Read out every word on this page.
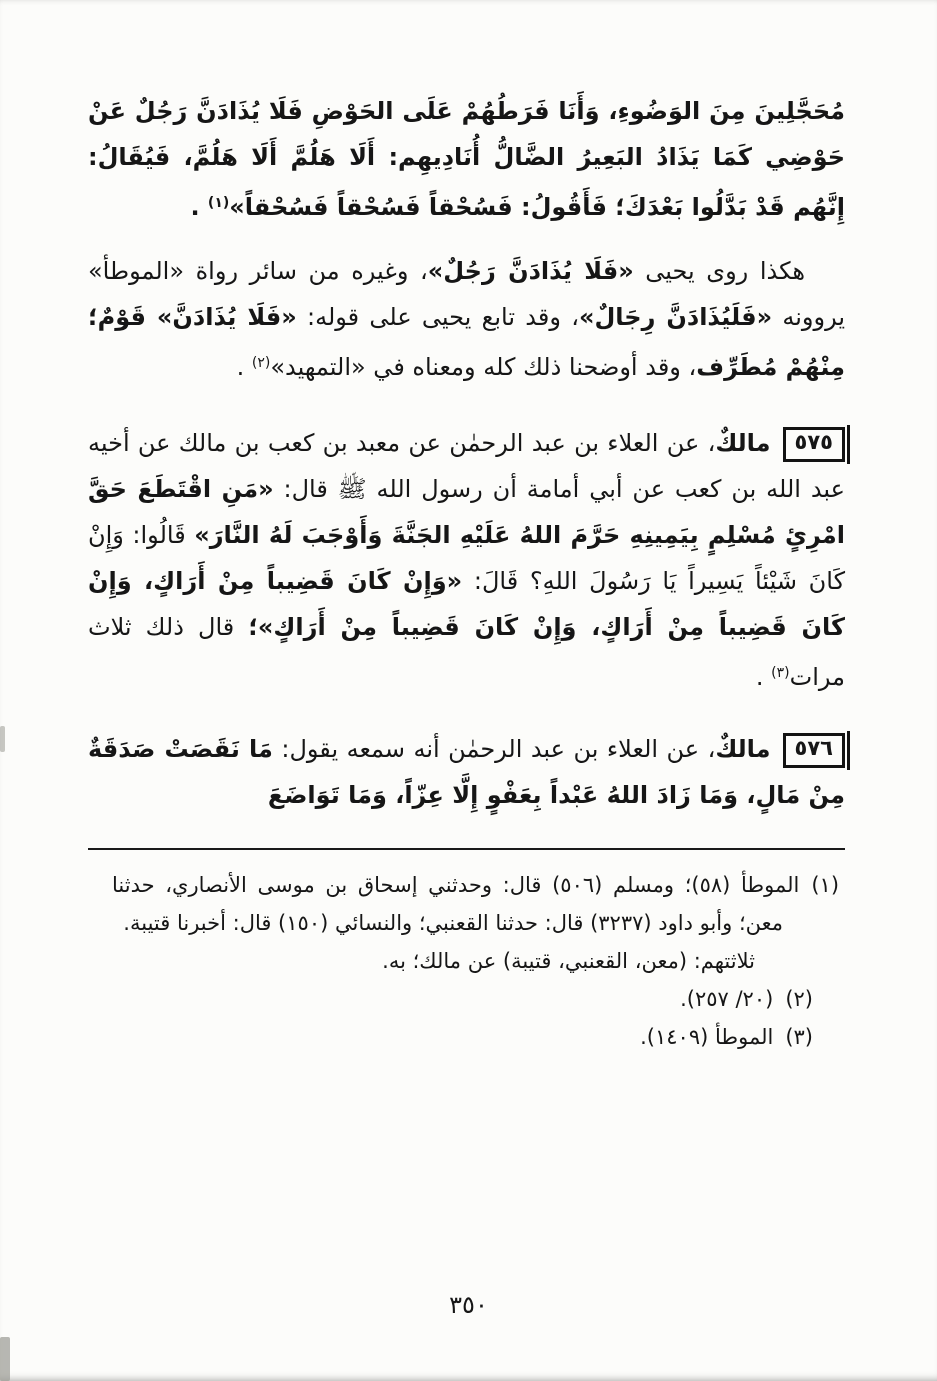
مُحَجَّلِينَ مِنَ الوَضُوءِ، وَأَنَا فَرَطُهُمْ عَلَى الحَوْضِ فَلَا يُذَادَنَّ رَجُلٌ عَنْ حَوْضِي كَمَا يَذَادُ البَعِيرُ الضَّالُّ أُنَادِيهِم: أَلَا هَلُمَّ أَلَا هَلُمَّ، فَيُقَالُ: إِنَّهُم قَدْ بَدَّلُوا بَعْدَكَ؛ فَأَقُولُ: فَسُحْقاً فَسُحْقاً فَسُحْقاً»$^{(١)}$ .

هكذا روى يحيى «فَلَا يُذَادَنَّ رَجُلٌ»، وغيره من سائر رواة «الموطأ» يروونه «فَلَيُذَادَنَّ رِجَالٌ»، وقد تابع يحيى على قوله: «فَلَا يُذَادَنَّ» قَوْمٌ؛ مِنْهُمْ مُطَرِّف، وقد أوضحنا ذلك كله ومعناه في «التمهيد»$^{(٢)}$ .

٥٧٥مالكٌ، عن العلاء بن عبد الرحمٰن عن معبد بن كعب بن مالك عن أخيه عبد الله بن كعب عن أبي أمامة أن رسول الله ﷺ قال: «مَنِ اقْتَطَعَ حَقَّ امْرِئٍ مُسْلِمٍ بِيَمِينِهِ حَرَّمَ اللهُ عَلَيْهِ الجَنَّةَ وَأَوْجَبَ لَهُ النَّارَ» قَالُوا: وَإِنْ كَانَ شَيْئاً يَسِيراً يَا رَسُولَ اللهِ؟ قَالَ: «وَإِنْ كَانَ قَضِيباً مِنْ أَرَاكٍ، وَإِنْ كَانَ قَضِيباً مِنْ أَرَاكٍ، وَإِنْ كَانَ قَضِيباً مِنْ أَرَاكٍ»؛ قال ذلك ثلاث مرات$^{(٣)}$ .

٥٧٦مالكٌ، عن العلاء بن عبد الرحمٰن أنه سمعه يقول: مَا نَقَصَتْ صَدَقَةٌ مِنْ مَالٍ، وَمَا زَادَ اللهُ عَبْداً بِعَفْوٍ إِلَّا عِزّاً، وَمَا تَوَاضَعَ

(١)الموطأ (٥٨)؛ ومسلم (٥٠٦) قال: وحدثني إسحاق بن موسى الأنصاري، حدثنا معن؛ وأبو داود (٣٢٣٧) قال: حدثنا القعنبي؛ والنسائي (١٥٠) قال: أخبرنا قتيبة.

ثلاثتهم: (معن، القعنبي، قتيبة) عن مالك؛ به.

(٢)(٢٠/ ٢٥٧).

(٣)الموطأ (١٤٠٩).

٣٥٠
